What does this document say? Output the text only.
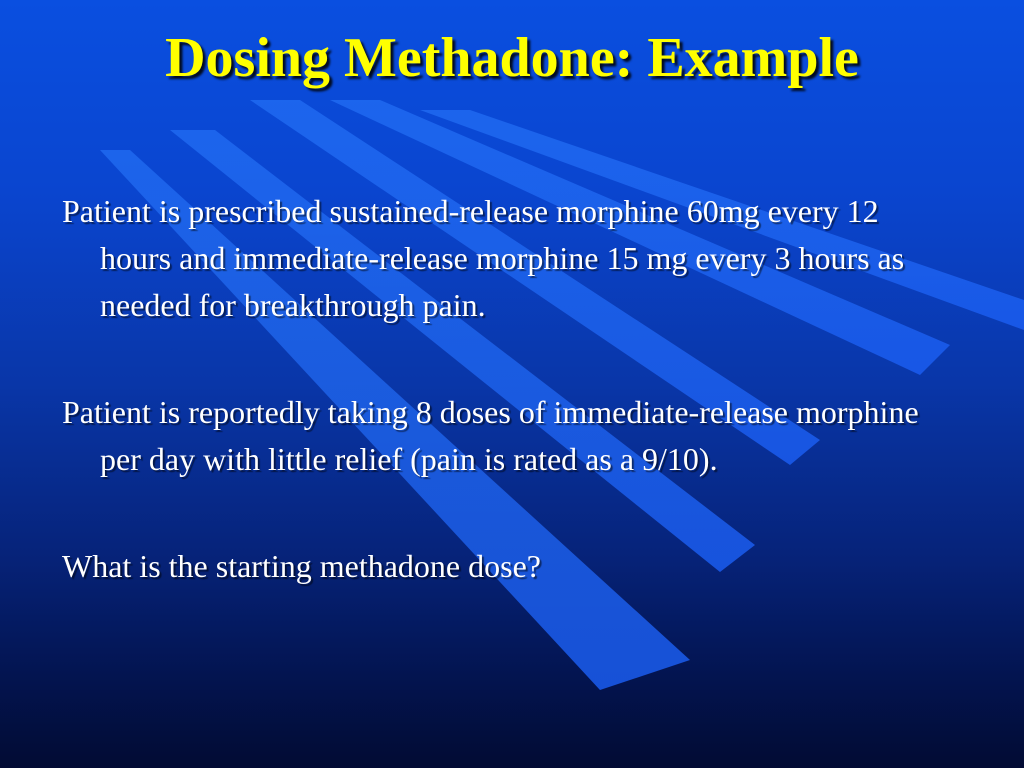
Dosing Methadone: Example

Patient is prescribed sustained-release morphine 60mg every 12 hours and immediate-release morphine 15 mg every 3 hours as needed for breakthrough pain.

Patient is reportedly taking 8 doses of immediate-release morphine per day with little relief (pain is rated as a 9/10).

What is the starting methadone dose?
